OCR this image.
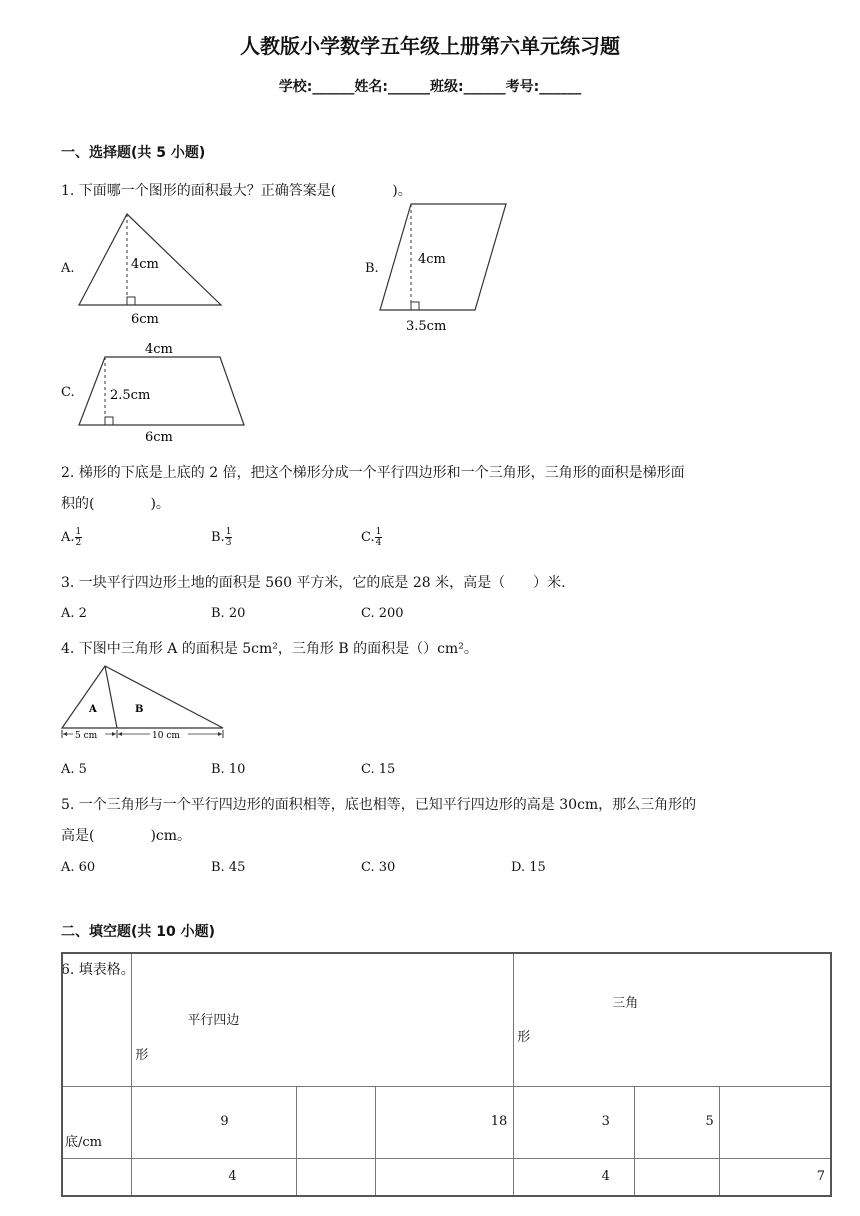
人教版小学数学五年级上册第六单元练习题
学校:______姓名:______班级:______考号:______
一、选择题(共 5 小题)
1. 下面哪一个图形的面积最大？正确答案是(　　　　)。
A.	B.
C.
4cm
6cm
4cm
3.5cm
4cm
2.5cm
6cm
2. 梯形的下底是上底的 2 倍，把这个梯形分成一个平行四边形和一个三角形，三角形的面积是梯形面
积的(　　　　)。
A. $\frac{1}{2}$	B. $\frac{1}{3}$	C. $\frac{1}{4}$
3. 一块平行四边形土地的面积是 560 平方米，它的底是 28 米，高是（　　）米.
A. 2	B. 20	C. 200
4. 下图中三角形 A 的面积是 5cm²，三角形 B 的面积是（）cm²。
A	B
5 cm	10 cm
A. 5	B. 10	C. 15
5. 一个三角形与一个平行四边形的面积相等，底也相等，已知平行四边形的高是 30cm，那么三角形的
高是(　　　　)cm。
A. 60	B. 45	C. 30	D. 15
二、填空题(共 10 小题)
6. 填表格。

	平行四边
形			三角
形		

底/cm	9		18	3	5	

	4			4		7
